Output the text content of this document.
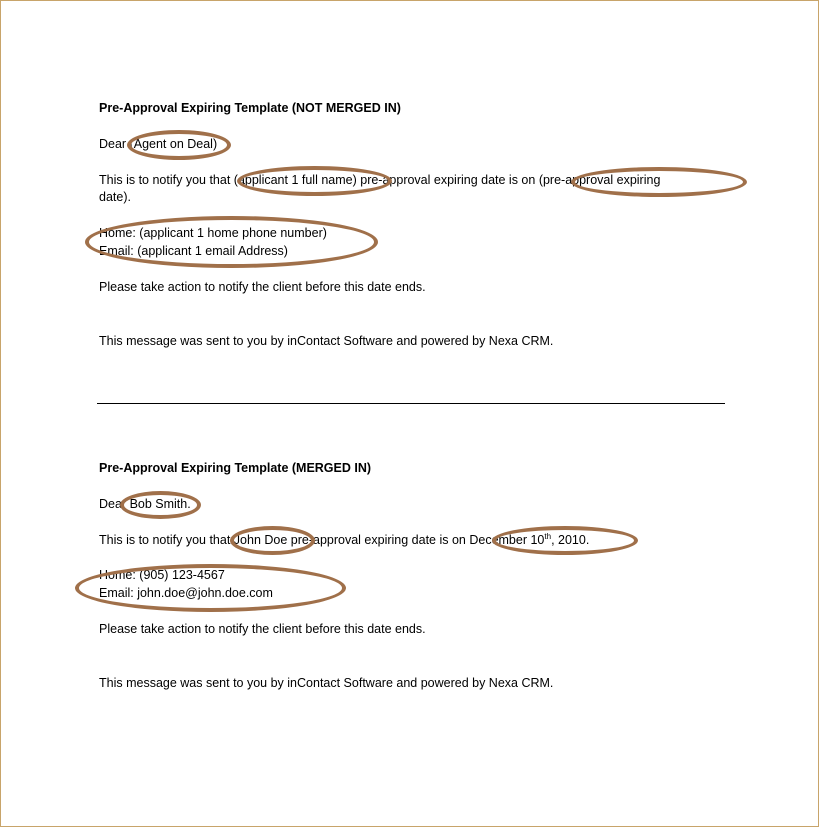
Pre-Approval Expiring Template (NOT MERGED IN)

Dear (Agent on Deal)

This is to notify you that (applicant 1 full name) pre-approval expiring date is on (pre-approval expiring

date).

Home: (applicant 1 home phone number)

Email: (applicant 1 email Address)

Please take action to notify the client before this date ends.

This message was sent to you by inContact Software and powered by Nexa CRM.

Pre-Approval Expiring Template (MERGED IN)

Dear Bob Smith.

This is to notify you that John Doe pre-approval expiring date is on December 10th, 2010.

Home: (905) 123-4567

Email: john.doe@john.doe.com

Please take action to notify the client before this date ends.

This message was sent to you by inContact Software and powered by Nexa CRM.
